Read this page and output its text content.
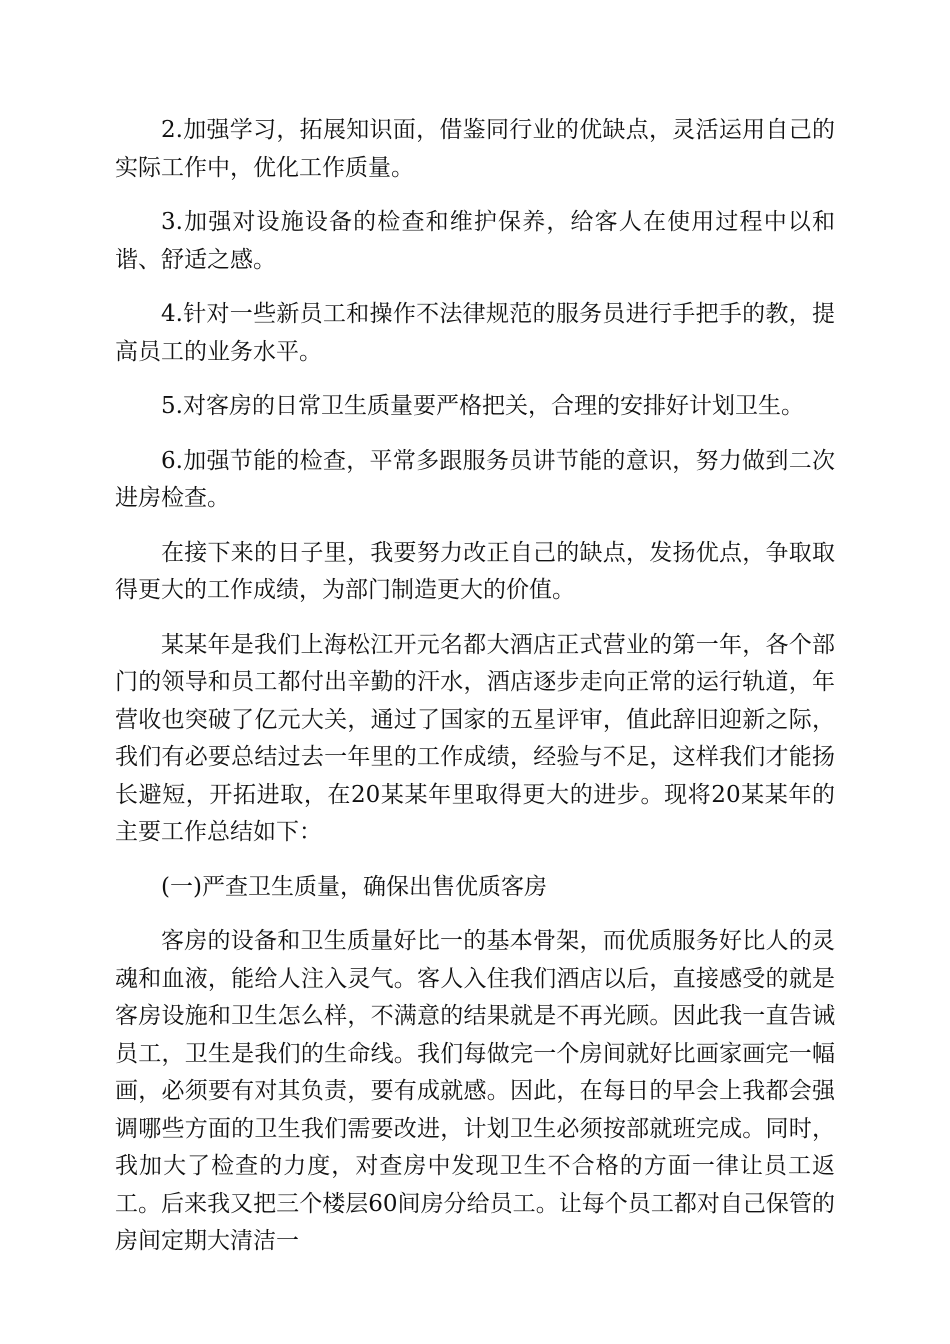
2.加强学习，拓展知识面，借鉴同行业的优缺点，灵活运用自己的实际工作中，优化工作质量。

3.加强对设施设备的检查和维护保养，给客人在使用过程中以和谐、舒适之感。

4.针对一些新员工和操作不法律规范的服务员进行手把手的教，提高员工的业务水平。

5.对客房的日常卫生质量要严格把关，合理的安排好计划卫生。

6.加强节能的检查，平常多跟服务员讲节能的意识，努力做到二次进房检查。

在接下来的日子里，我要努力改正自己的缺点，发扬优点，争取取得更大的工作成绩，为部门制造更大的价值。

某某年是我们上海松江开元名都大酒店正式营业的第一年，各个部门的领导和员工都付出辛勤的汗水，酒店逐步走向正常的运行轨道，年营收也突破了亿元大关，通过了国家的五星评审，值此辞旧迎新之际，我们有必要总结过去一年里的工作成绩，经验与不足，这样我们才能扬长避短，开拓进取，在20某某年里取得更大的进步。现将20某某年的主要工作总结如下：

(一)严查卫生质量，确保出售优质客房

客房的设备和卫生质量好比一的基本骨架，而优质服务好比人的灵魂和血液，能给人注入灵气。客人入住我们酒店以后，直接感受的就是客房设施和卫生怎么样，不满意的结果就是不再光顾。因此我一直告诫员工，卫生是我们的生命线。我们每做完一个房间就好比画家画完一幅画，必须要有对其负责，要有成就感。因此，在每日的早会上我都会强调哪些方面的卫生我们需要改进，计划卫生必须按部就班完成。同时，我加大了检查的力度，对查房中发现卫生不合格的方面一律让员工返工。后来我又把三个楼层60间房分给员工。让每个员工都对自己保管的房间定期大清洁一
